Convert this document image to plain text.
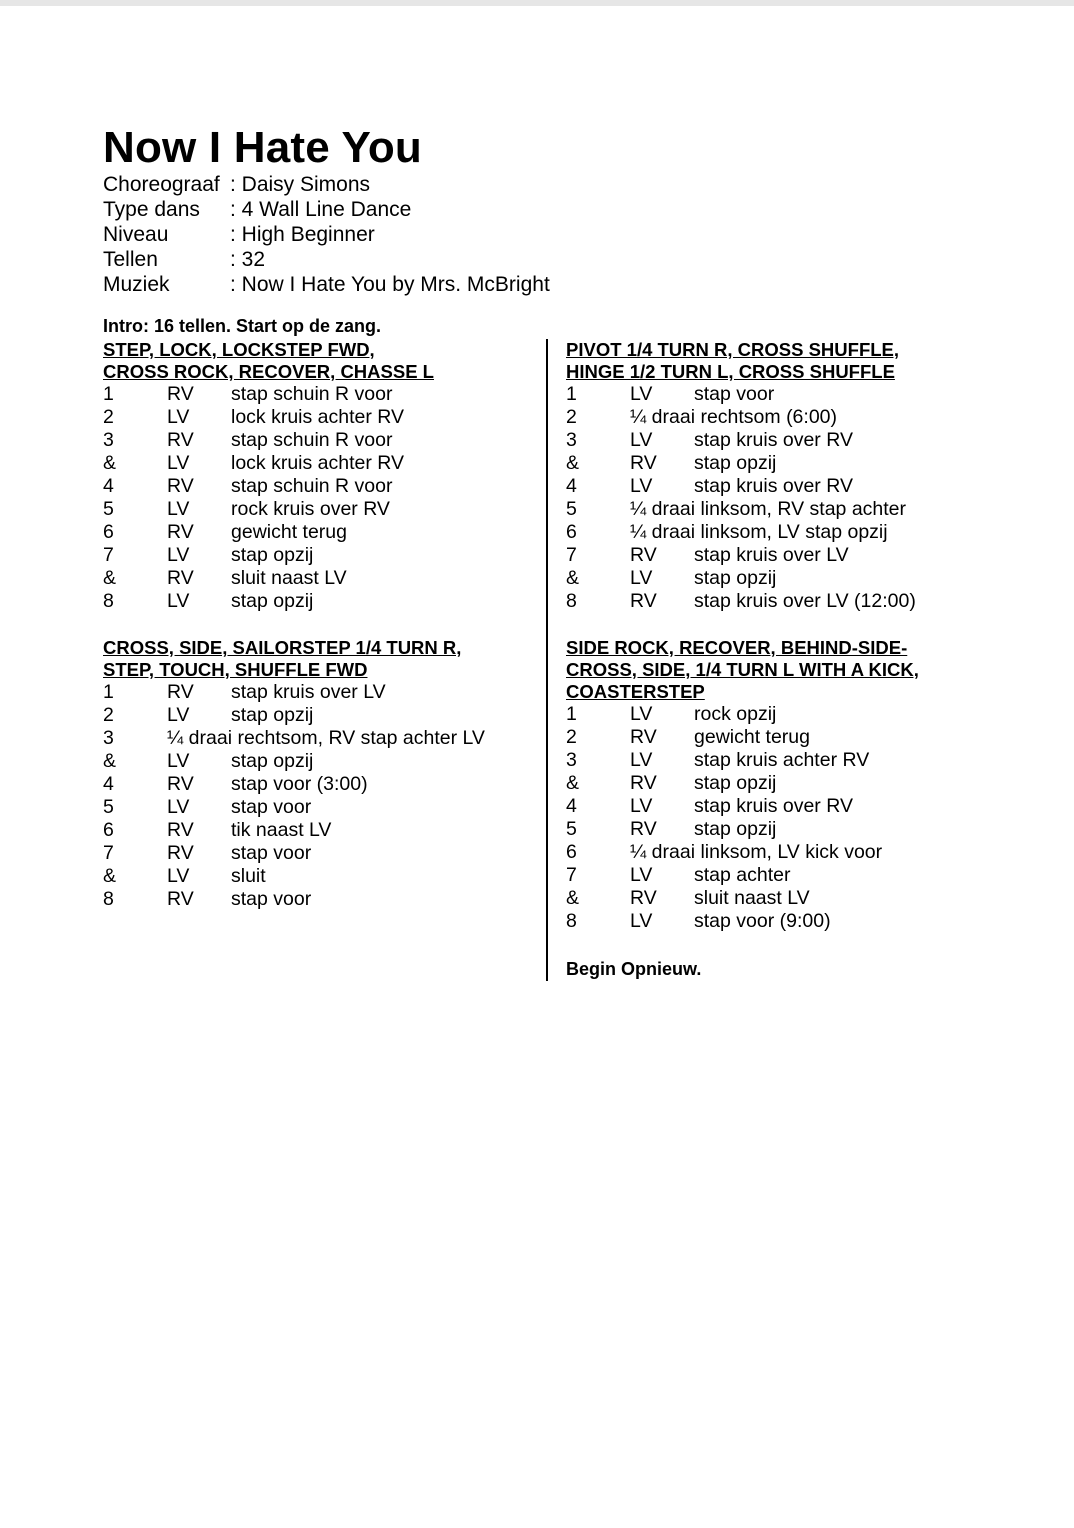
Now I Hate You
Choreograaf : Daisy Simons
Type dans : 4 Wall Line Dance
Niveau	: High Beginner
Tellen	: 32
Muziek	: Now I Hate You by Mrs. McBright
Intro: 16 tellen. Start op de zang.
STEP, LOCK, LOCKSTEP FWD,
CROSS ROCK, RECOVER, CHASSE L
1	RV stap schuin R voor
2	LV lock kruis achter RV
3	RV stap schuin R voor
&	LV lock kruis achter RV
4	RV stap schuin R voor
5	LV rock kruis over RV
6	RV gewicht terug
7	LV stap opzij
&	RV sluit naast LV
8	LV stap opzij
CROSS, SIDE, SAILORSTEP 1/4 TURN R,
STEP, TOUCH, SHUFFLE FWD
1	RV stap kruis over LV
2	LV stap opzij
3	¼ draai rechtsom, RV stap achter LV
&	LV stap opzij
4	RV stap voor (3:00)
5	LV stap voor
6	RV tik naast LV
7	RV stap voor
&	LV sluit
8	RV stap voor
PIVOT 1/4 TURN R, CROSS SHUFFLE,
HINGE 1/2 TURN L, CROSS SHUFFLE
1	LV stap voor
2	¼ draai rechtsom (6:00)
3	LV stap kruis over RV
&	RV stap opzij
4	LV stap kruis over RV
5	¼ draai linksom, RV stap achter
6	¼ draai linksom, LV stap opzij
7	RV stap kruis over LV
&	LV stap opzij
8	RV stap kruis over LV (12:00)
SIDE ROCK, RECOVER, BEHIND-SIDE-
CROSS, SIDE, 1/4 TURN L WITH A KICK,
COASTERSTEP
1	LV rock opzij
2	RV gewicht terug
3	LV stap kruis achter RV
&	RV stap opzij
4	LV stap kruis over RV
5	RV stap opzij
6	¼ draai linksom, LV kick voor
7	LV stap achter
&	RV sluit naast LV
8	LV stap voor (9:00)
Begin Opnieuw.
